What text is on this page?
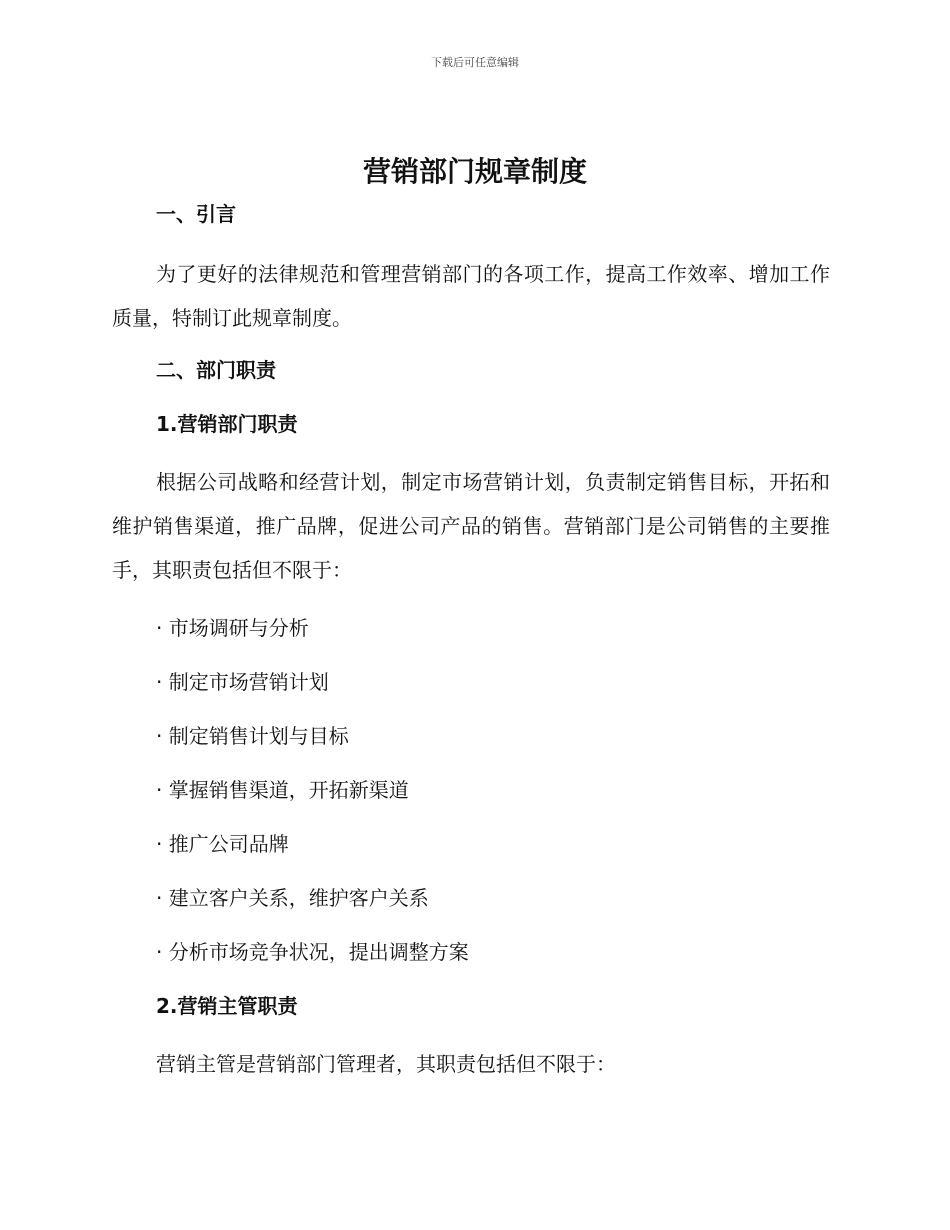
下载后可任意编辑
营销部门规章制度

一、引言

为了更好的法律规范和管理营销部门的各项工作，提高工作效率、增加工作质量，特制订此规章制度。

二、部门职责

1.营销部门职责

根据公司战略和经营计划，制定市场营销计划，负责制定销售目标，开拓和维护销售渠道，推广品牌，促进公司产品的销售。营销部门是公司销售的主要推手，其职责包括但不限于：

· 市场调研与分析
· 制定市场营销计划
· 制定销售计划与目标
· 掌握销售渠道，开拓新渠道
· 推广公司品牌
· 建立客户关系，维护客户关系
· 分析市场竞争状况，提出调整方案

2.营销主管职责

营销主管是营销部门管理者，其职责包括但不限于：
